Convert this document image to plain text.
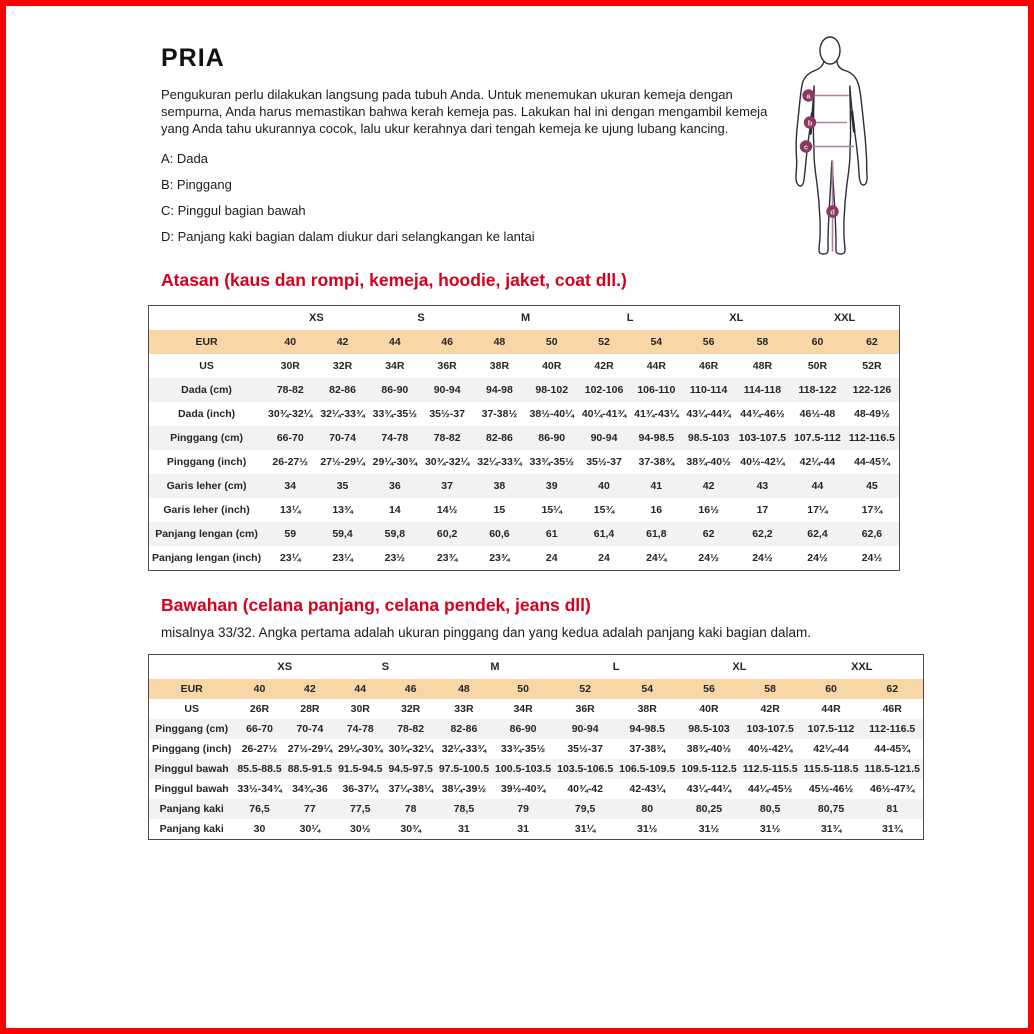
PRIA

Pengukuran perlu dilakukan langsung pada tubuh Anda. Untuk menemukan ukuran kemeja dengan sempurna, Anda harus memastikan bahwa kerah kemeja pas. Lakukan hal ini dengan mengambil kemeja yang Anda tahu ukurannya cocok, lalu ukur kerahnya dari tengah kemeja ke ujung lubang kancing.

A: Dada

B: Pinggang

C: Pinggul bagian bawah

D: Panjang kaki bagian dalam diukur dari selangkangan ke lantai

Atasan (kaus dan rompi, kemeja, hoodie, jaket, coat dll.)
	XS		S		M		L		XL		XXL	
EUR	40	42	44	46	48	50	52	54	56	58	60	62
US	30R	32R	34R	36R	38R	40R	42R	44R	46R	48R	50R	52R
Dada (cm)	78-82	82-86	86-90	90-94	94-98	98-102	102-106	106-110	110-114	114-118	118-122	122-126
Dada (inch)	30¾-32¼	32¼-33¾	33¾-35½	35½-37	37-38½	38½-40¼	40¼-41¾	41¾-43¼	43¼-44¾	44¾-46½	46½-48	48-49½
Pinggang (cm)	66-70	70-74	74-78	78-82	82-86	86-90	90-94	94-98.5	98.5-103	103-107.5	107.5-112	112-116.5
Pinggang (inch)	26-27½	27½-29¼	29¼-30¾	30¾-32¼	32¼-33¾	33¾-35½	35½-37	37-38¾	38¾-40½	40½-42¼	42¼-44	44-45¾
Garis leher (cm)	34	35	36	37	38	39	40	41	42	43	44	45
Garis leher (inch)	13¼	13¾	14	14½	15	15¼	15¾	16	16½	17	17¼	17¾
Panjang lengan (cm)	59	59,4	59,8	60,2	60,6	61	61,4	61,8	62	62,2	62,4	62,6
Panjang lengan (inch)	23¼	23¼	23½	23¾	23¾	24	24	24¼	24½	24½	24½	24½
Bawahan (celana panjang, celana pendek, jeans dll)

misalnya 33/32. Angka pertama adalah ukuran pinggang dan yang kedua adalah panjang kaki bagian dalam.

	XS		S		M		L		XL		XXL	
EUR	40	42	44	46	48	50	52	54	56	58	60	62
US	26R	28R	30R	32R	33R	34R	36R	38R	40R	42R	44R	46R
Pinggang (cm)	66-70	70-74	74-78	78-82	82-86	86-90	90-94	94-98.5	98.5-103	103-107.5	107.5-112	112-116.5
Pinggang (inch)	26-27½	27½-29¼	29¼-30¾	30¾-32¼	32¼-33¾	33¾-35½	35½-37	37-38¾	38¾-40½	40½-42¼	42¼-44	44-45¾
Pinggul bawah	85.5-88.5	88.5-91.5	91.5-94.5	94.5-97.5	97.5-100.5	100.5-103.5	103.5-106.5	106.5-109.5	109.5-112.5	112.5-115.5	115.5-118.5	118.5-121.5
Pinggul bawah	33½-34¾	34¾-36	36-37¼	37¼-38¼	38¼-39½	39½-40¾	40¾-42	42-43¼	43¼-44¼	44¼-45½	45½-46½	46½-47¾
Panjang kaki	76,5	77	77,5	78	78,5	79	79,5	80	80,25	80,5	80,75	81
Panjang kaki	30	30¼	30½	30¾	31	31	31¼	31½	31½	31½	31¾	31¾
a
b
c
d
